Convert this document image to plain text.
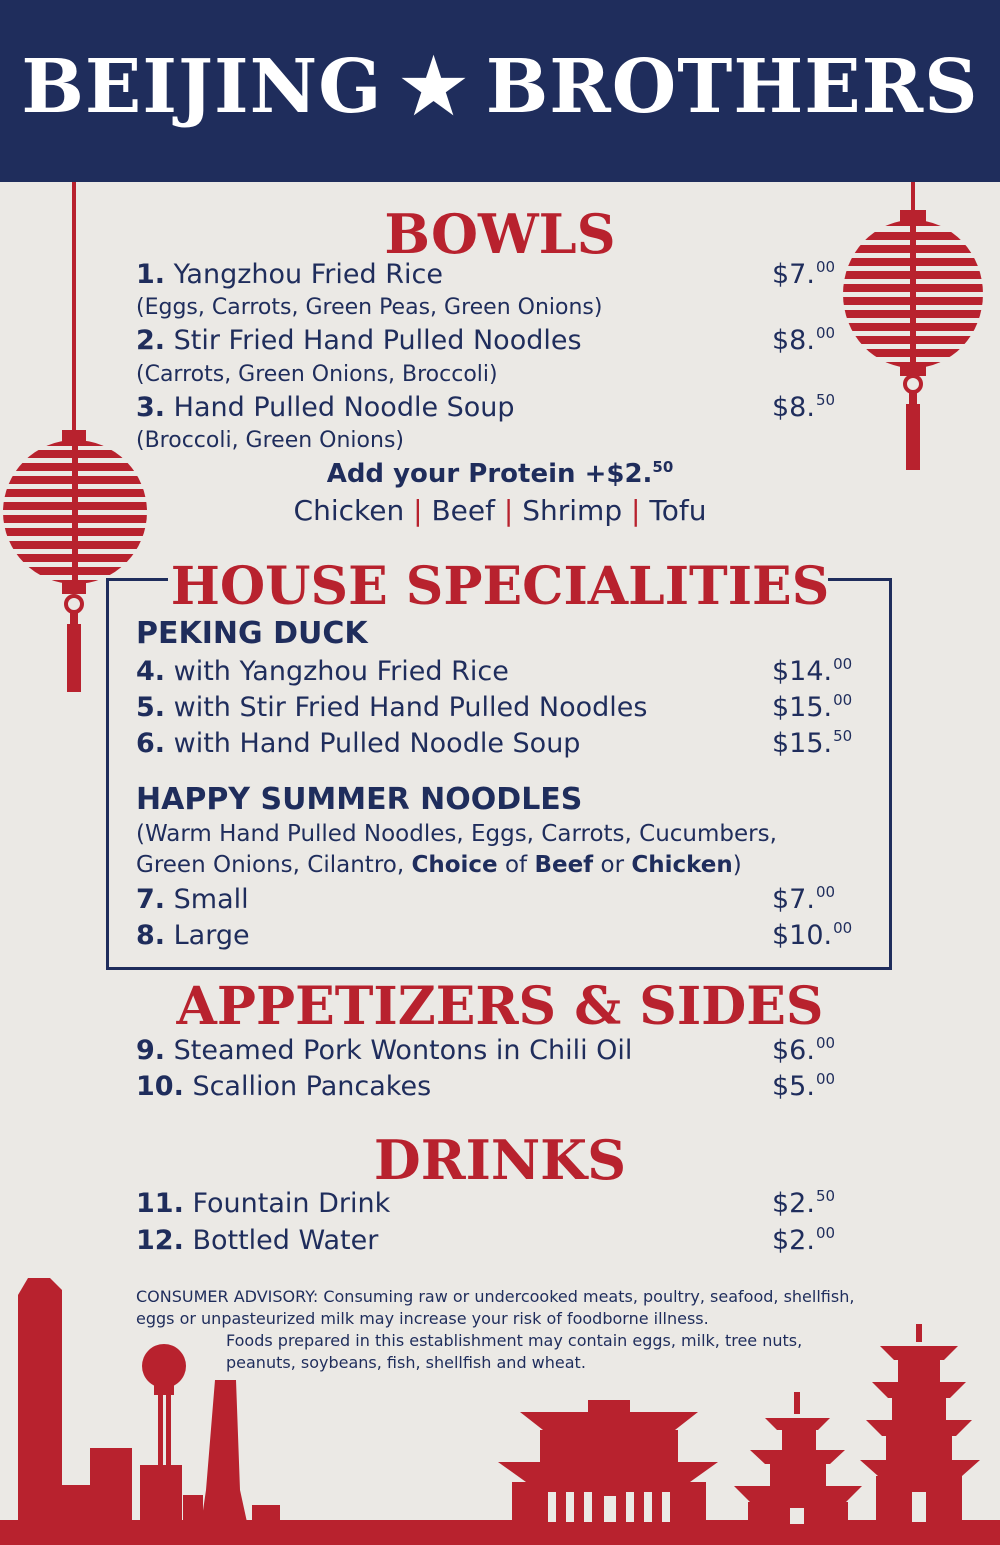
BEIJING ★ BROTHERS
BOWLS
1. Yangzhou Fried Rice	$7.00
(Eggs, Carrots, Green Peas, Green Onions)
2. Stir Fried Hand Pulled Noodles	$8.00
(Carrots, Green Onions, Broccoli)
3. Hand Pulled Noodle Soup	$8.50
(Broccoli, Green Onions)
Add your Protein +$2.50
Chicken | Beef | Shrimp | Tofu
HOUSE SPECIALITIES
PEKING DUCK
4. with Yangzhou Fried Rice	$14.00
5. with Stir Fried Hand Pulled Noodles	$15.00
6. with Hand Pulled Noodle Soup	$15.50
HAPPY SUMMER NOODLES
(Warm Hand Pulled Noodles, Eggs, Carrots, Cucumbers,
Green Onions, Cilantro, Choice of Beef or Chicken)
7. Small	$7.00
8. Large	$10.00
APPETIZERS & SIDES
9. Steamed Pork Wontons in Chili Oil	$6.00
10. Scallion Pancakes	$5.00
DRINKS
11. Fountain Drink	$2.50
12. Bottled Water	$2.00
CONSUMER ADVISORY: Consuming raw or undercooked meats, poultry, seafood, shellfish,
eggs or unpasteurized milk may increase your risk of foodborne illness.
Foods prepared in this establishment may contain eggs, milk, tree nuts,
peanuts, soybeans, fish, shellfish and wheat.
